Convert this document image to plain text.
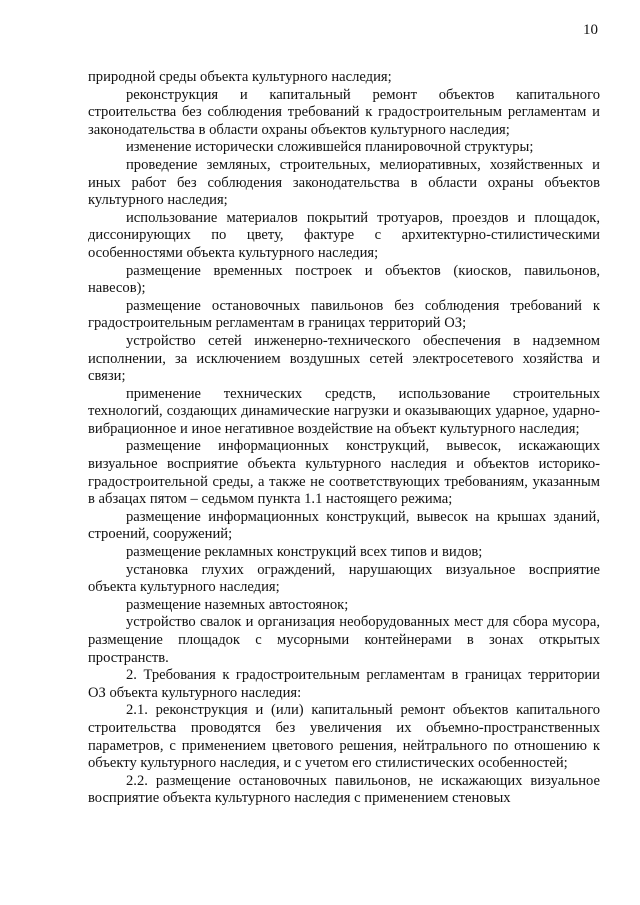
10

природной среды объекта культурного наследия;

реконструкция и капитальный ремонт объектов капитального строительства без соблюдения требований к градостроительным регламентам и законодательства в области охраны объектов культурного наследия;

изменение исторически сложившейся планировочной структуры;

проведение земляных, строительных, мелиоративных, хозяйственных и иных работ без соблюдения законодательства в области охраны объектов культурного наследия;

использование материалов покрытий тротуаров, проездов и площадок, диссонирующих по цвету, фактуре с архитектурно-стилистическими особенностями объекта культурного наследия;

размещение временных построек и объектов (киосков, павильонов, навесов);

размещение остановочных павильонов без соблюдения требований к градостроительным регламентам в границах территорий ОЗ;

устройство сетей инженерно-технического обеспечения в надземном исполнении, за исключением воздушных сетей электросетевого хозяйства и связи;

применение технических средств, использование строительных технологий, создающих динамические нагрузки и оказывающих ударное, ударно-вибрационное и иное негативное воздействие на объект культурного наследия;

размещение информационных конструкций, вывесок, искажающих визуальное восприятие объекта культурного наследия и объектов историко-градостроительной среды, а также не соответствующих требованиям, указанным в абзацах пятом – седьмом пункта 1.1 настоящего режима;

размещение информационных конструкций, вывесок на крышах зданий, строений, сооружений;

размещение рекламных конструкций всех типов и видов;

установка глухих ограждений, нарушающих визуальное восприятие объекта культурного наследия;

размещение наземных автостоянок;

устройство свалок и организация необорудованных мест для сбора мусора, размещение площадок с мусорными контейнерами в зонах открытых пространств.

2. Требования к градостроительным регламентам в границах территории ОЗ объекта культурного наследия:

2.1. реконструкция и (или) капитальный ремонт объектов капитального строительства проводятся без увеличения их объемно-пространственных параметров, с применением цветового решения, нейтрального по отношению к объекту культурного наследия, и с учетом его стилистических особенностей;

2.2. размещение остановочных павильонов, не искажающих визуальное восприятие объекта культурного наследия с применением стеновых
